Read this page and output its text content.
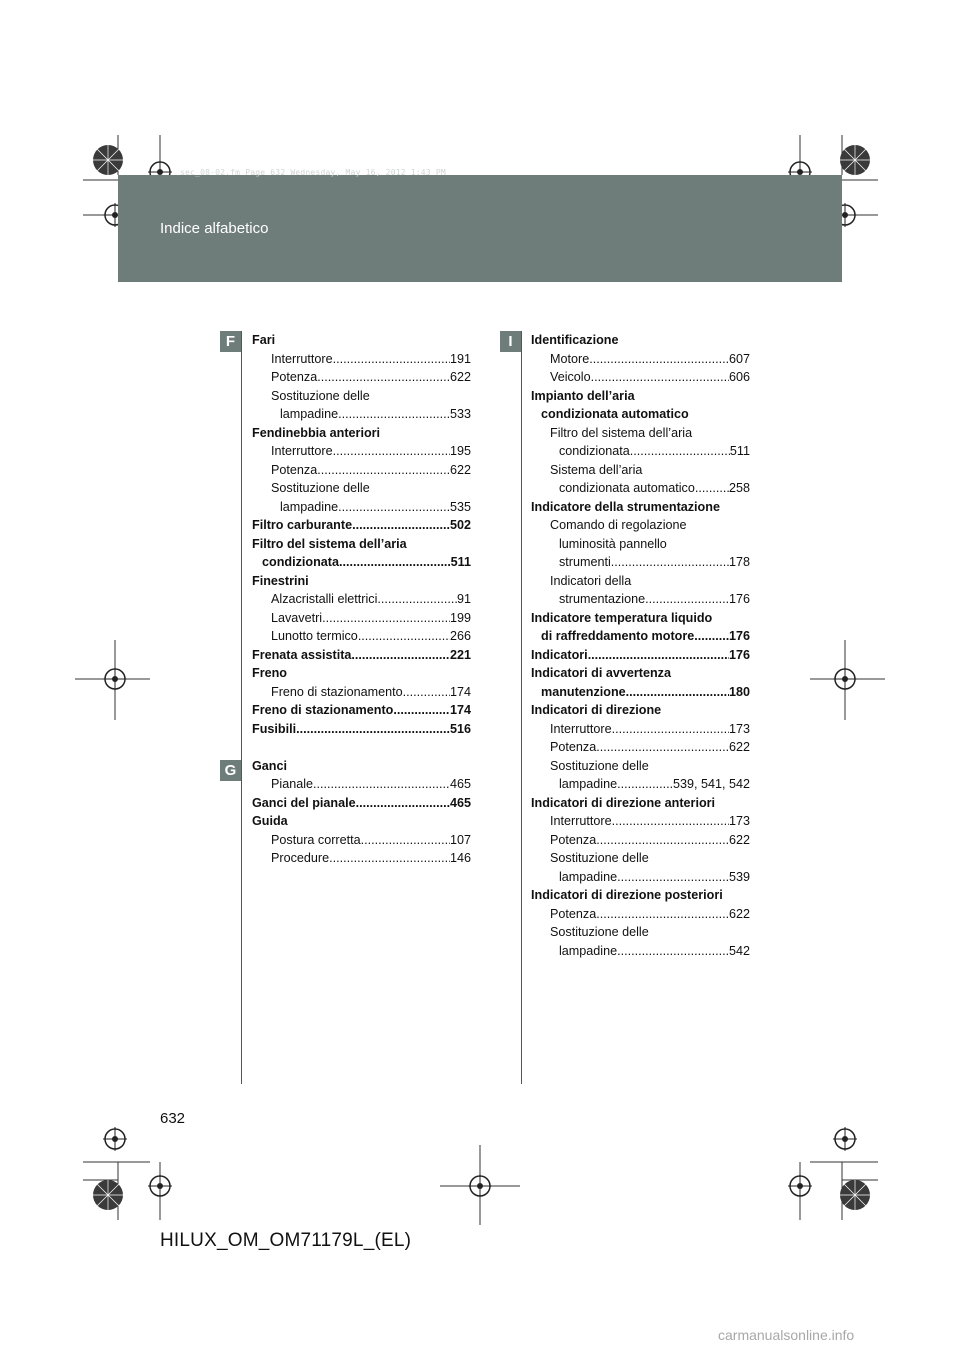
sec_08-02.fm Page 632 Wednesday, May 16, 2012 1:43 PM
Indice alfabetico
F
G
I
Fari
Interruttore .....	191
Potenza .....	622
Sostituzione delle
lampadine .....	533
Fendinebbia anteriori
Interruttore .....	195
Potenza .....	622
Sostituzione delle
lampadine .....	535
Filtro carburante .....	502
Filtro del sistema dell’aria
condizionata .....	511
Finestrini
Alzacristalli elettrici .....	91
Lavavetri .....	199
Lunotto termico .....	266
Frenata assistita .....	221
Freno
Freno di stazionamento .....	174
Freno di stazionamento .....	174
Fusibili .....	516
Ganci
Pianale .....	465
Ganci del pianale .....	465
Guida
Postura corretta .....	107
Procedure .....	146
Identificazione
Motore .....	607
Veicolo .....	606
Impianto dell’aria
condizionata automatico
Filtro del sistema dell’aria
condizionata .....	511
Sistema dell’aria
condizionata automatico .....	258
Indicatore della strumentazione
Comando di regolazione
luminosità pannello
strumenti .....	178
Indicatori della
strumentazione .....	176
Indicatore temperatura liquido
di raffreddamento motore .....	176
Indicatori .....	176
Indicatori di avvertenza
manutenzione .....	180
Indicatori di direzione
Interruttore .....	173
Potenza .....	622
Sostituzione delle
lampadine .....	539, 541, 542
Indicatori di direzione anteriori
Interruttore .....	173
Potenza .....	622
Sostituzione delle
lampadine .....	539
Indicatori di direzione posteriori
Potenza .....	622
Sostituzione delle
lampadine .....	542
632
HILUX_OM_OM71179L_(EL)
carmanualsonline.info
